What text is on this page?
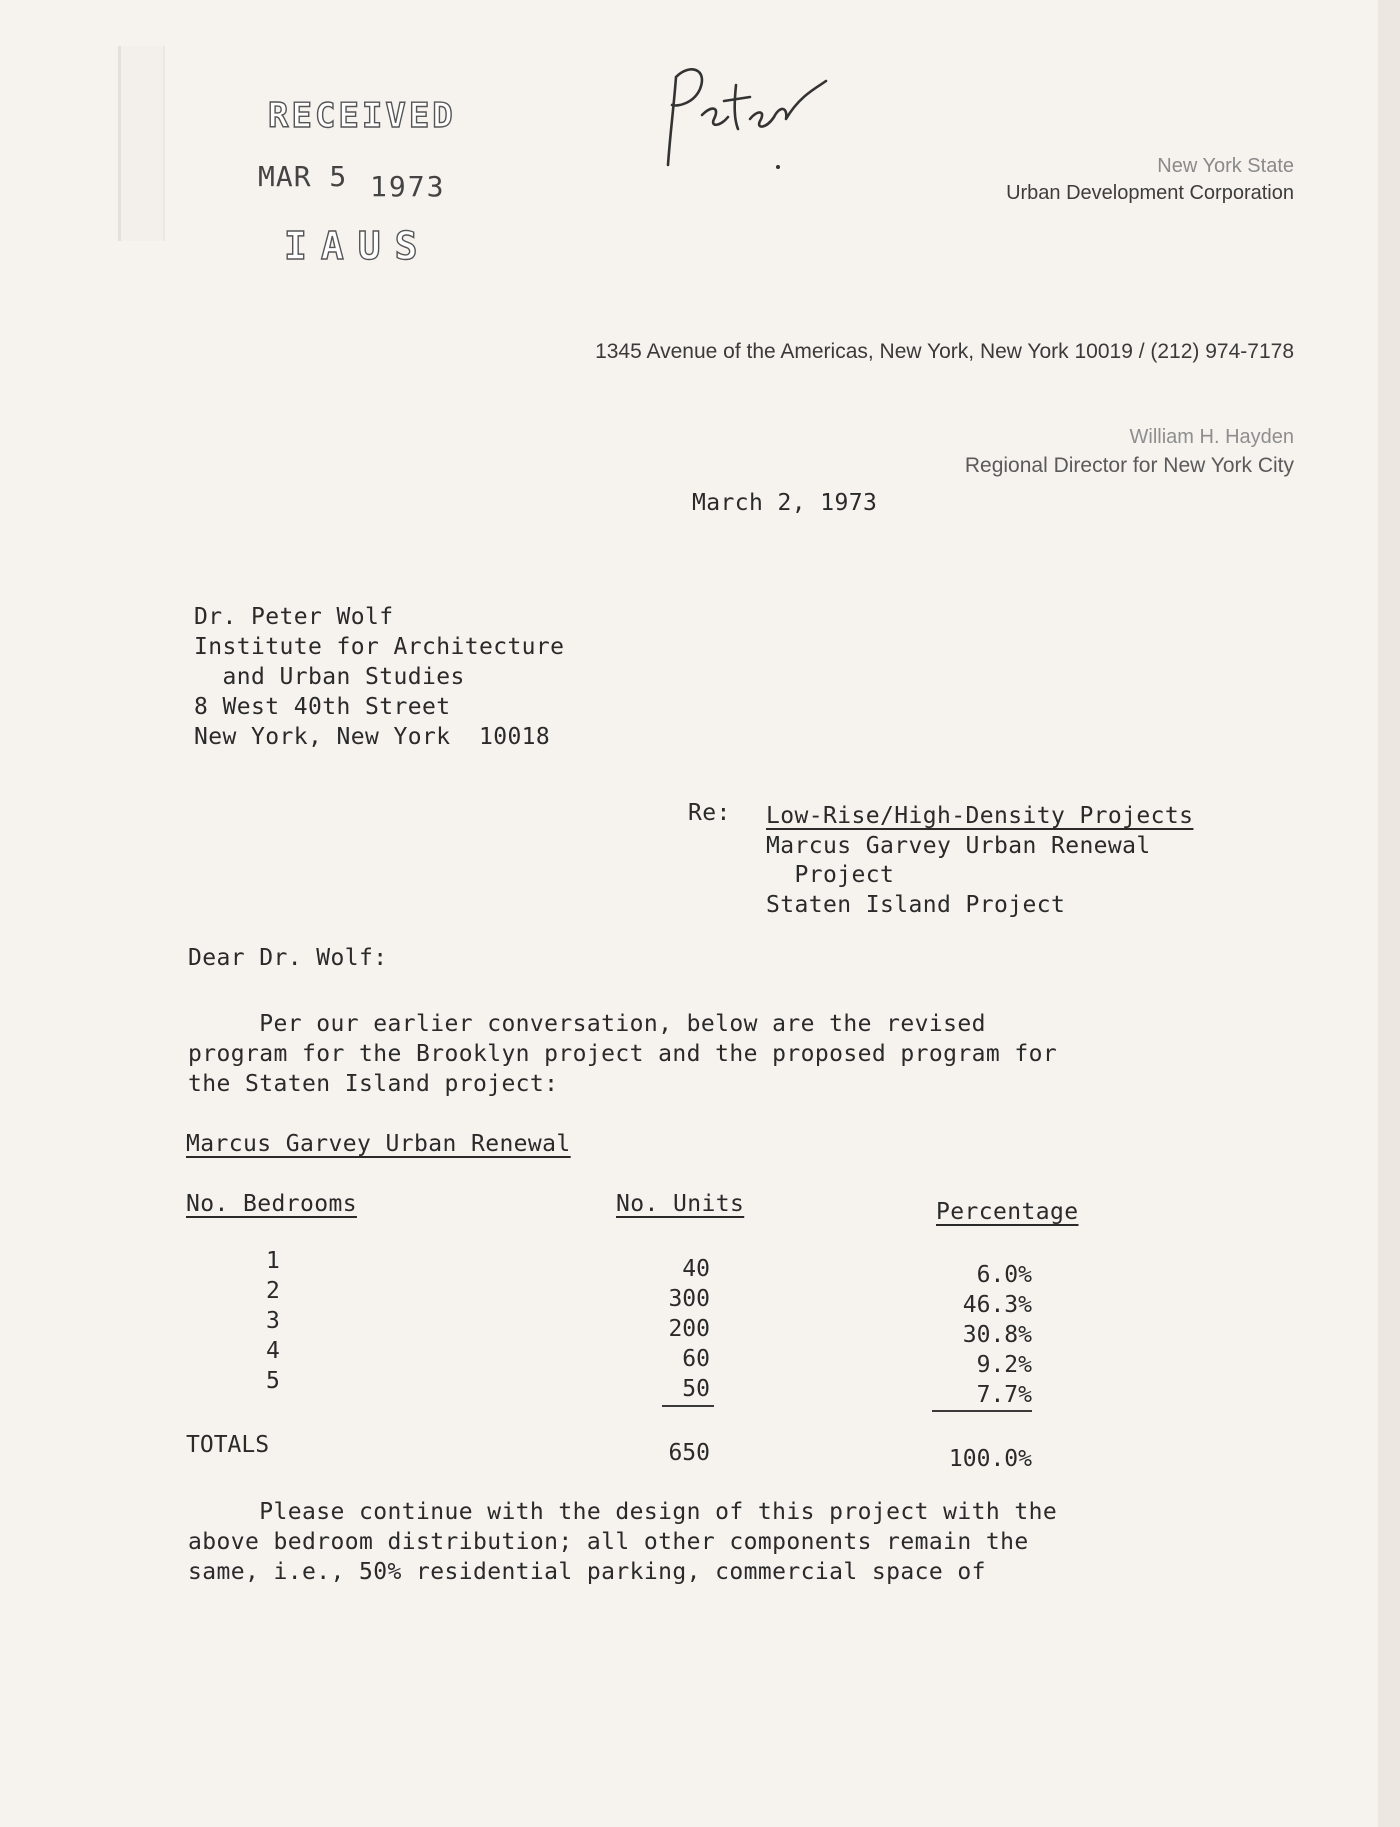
RECEIVED
MAR 5 1973
IAUS
New York State
Urban Development Corporation
1345 Avenue of the Americas, New York, New York 10019 / (212) 974-7178
William H. Hayden
Regional Director for New York City
March 2, 1973
Dr. Peter Wolf
Institute for Architecture
and Urban Studies
8 West 40th Street
New York, New York  10018
Re: Low-Rise/High-Density Projects
Marcus Garvey Urban Renewal
Project
Staten Island Project
Dear Dr. Wolf:
Per our earlier conversation, below are the revised
program for the Brooklyn project and the proposed program for
the Staten Island project:
Marcus Garvey Urban Renewal
No. Bedrooms	No. Units	Percentage
1	40	6.0%
2	300	46.3%
3	200	30.8%
4	60	9.2%
5	50	7.7%
TOTALS	650	100.0%
Please continue with the design of this project with the
above bedroom distribution; all other components remain the
same, i.e., 50% residential parking, commercial space of
